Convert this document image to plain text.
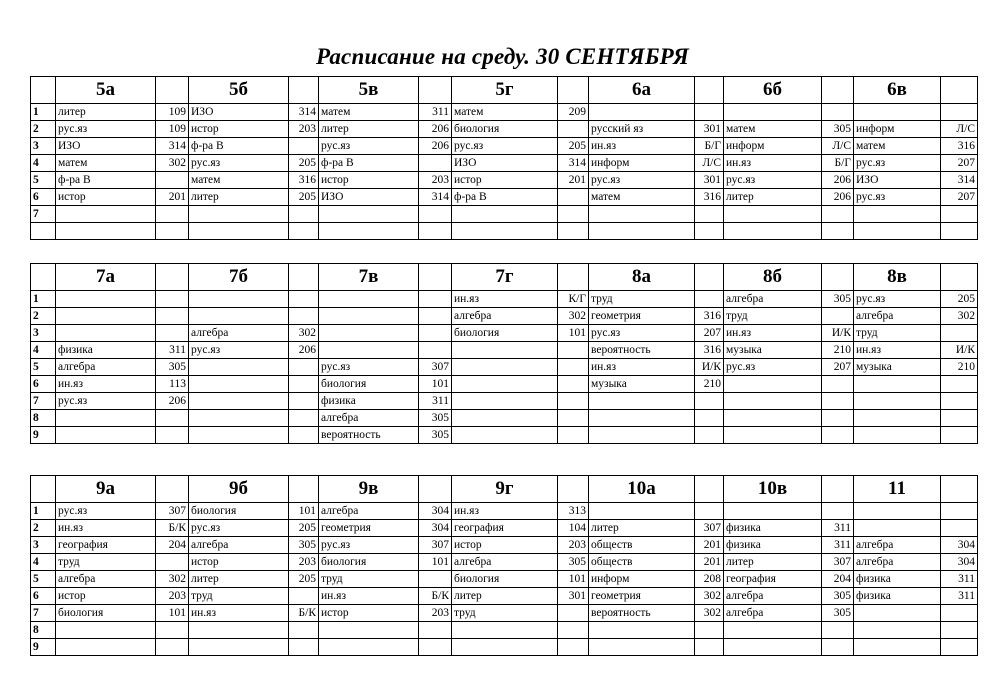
Расписание на среду. 30 СЕНТЯБРЯ
	5а		5б		5в		5г		6а		6б		6в	
1	литер	109	ИЗО	314	матем	311	матем	209						
2	рус.яз	109	истор	203	литер	206	биология		русский яз	301	матем	305	информ	Л/С
3	ИЗО	314	ф-ра В		рус.яз	206	рус.яз	205	ин.яз	Б/Г	информ	Л/С	матем	316
4	матем	302	рус.яз	205	ф-ра В		ИЗО	314	информ	Л/С	ин.яз	Б/Г	рус.яз	207
5	ф-ра В		матем	316	истор	203	истор	201	рус.яз	301	рус.яз	206	ИЗО	314
6	истор	201	литер	205	ИЗО	314	ф-ра В		матем	316	литер	206	рус.яз	207
7														

	7а		7б		7в		7г		8а		8б		8в	
1							ин.яз	К/Г	труд		алгебра	305	рус.яз	205
2							алгебра	302	геометрия	316	труд		алгебра	302
3			алгебра	302			биология	101	рус.яз	207	ин.яз	И/К	труд	
4	физика	311	рус.яз	206					вероятность	316	музыка	210	ин.яз	И/К
5	алгебра	305			рус.яз	307			ин.яз	И/К	рус.яз	207	музыка	210
6	ин.яз	113			биология	101			музыка	210				
7	рус.яз	206			физика	311								
8					алгебра	305								
9					вероятность	305								
	9а		9б		9в		9г		10а		10в		11	
1	рус.яз	307	биология	101	алгебра	304	ин.яз	313						
2	ин.яз	Б/К	рус.яз	205	геометрия	304	география	104	литер	307	физика	311		
3	география	204	алгебра	305	рус.яз	307	истор	203	обществ	201	физика	311	алгебра	304
4	труд		истор	203	биология	101	алгебра	305	обществ	201	литер	307	алгебра	304
5	алгебра	302	литер	205	труд		биология	101	информ	208	география	204	физика	311
6	истор	203	труд		ин.яз	Б/К	литер	301	геометрия	302	алгебра	305	физика	311
7	биология	101	ин.яз	Б/К	истор	203	труд		вероятность	302	алгебра	305		
8														
9														
